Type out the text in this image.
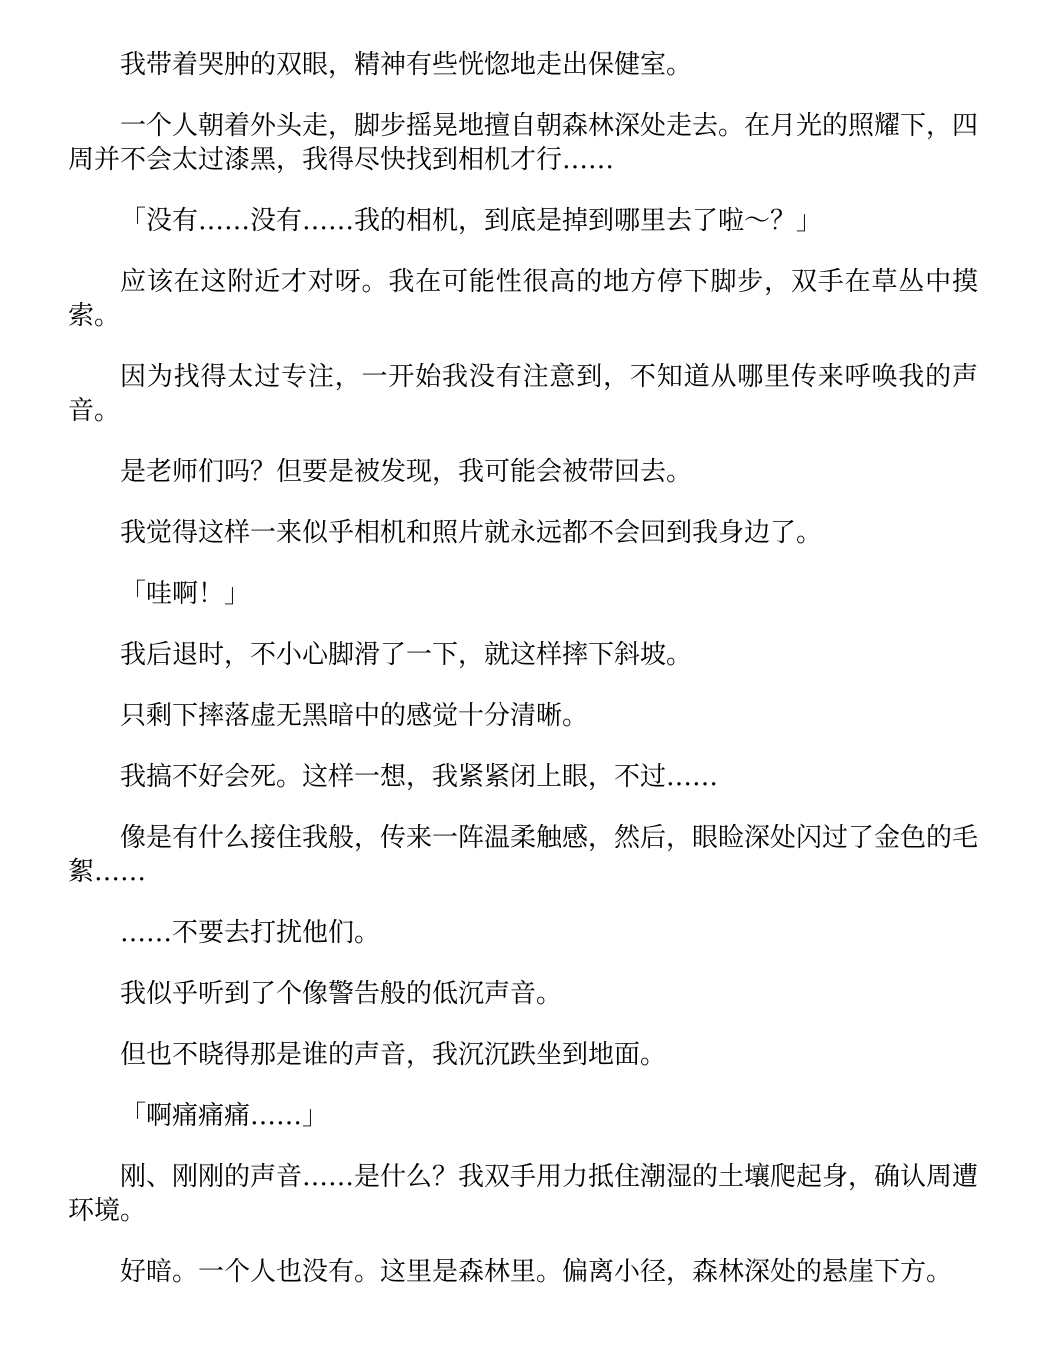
我带着哭肿的双眼，精神有些恍惚地走出保健室。

一个人朝着外头走，脚步摇晃地擅自朝森林深处走去。在月光的照耀下，四周并不会太过漆黑，我得尽快找到相机才行……

「没有……没有……我的相机，到底是掉到哪里去了啦～？」

应该在这附近才对呀。我在可能性很高的地方停下脚步，双手在草丛中摸索。

因为找得太过专注，一开始我没有注意到，不知道从哪里传来呼唤我的声音。

是老师们吗？但要是被发现，我可能会被带回去。

我觉得这样一来似乎相机和照片就永远都不会回到我身边了。

「哇啊！」

我后退时，不小心脚滑了一下，就这样摔下斜坡。

只剩下摔落虚无黑暗中的感觉十分清晰。

我搞不好会死。这样一想，我紧紧闭上眼，不过……

像是有什么接住我般，传来一阵温柔触感，然后，眼睑深处闪过了金色的毛絮……

……不要去打扰他们。

我似乎听到了个像警告般的低沉声音。

但也不晓得那是谁的声音，我沉沉跌坐到地面。

「啊痛痛痛……」

刚、刚刚的声音……是什么？我双手用力抵住潮湿的土壤爬起身，确认周遭环境。

好暗。一个人也没有。这里是森林里。偏离小径，森林深处的悬崖下方。
